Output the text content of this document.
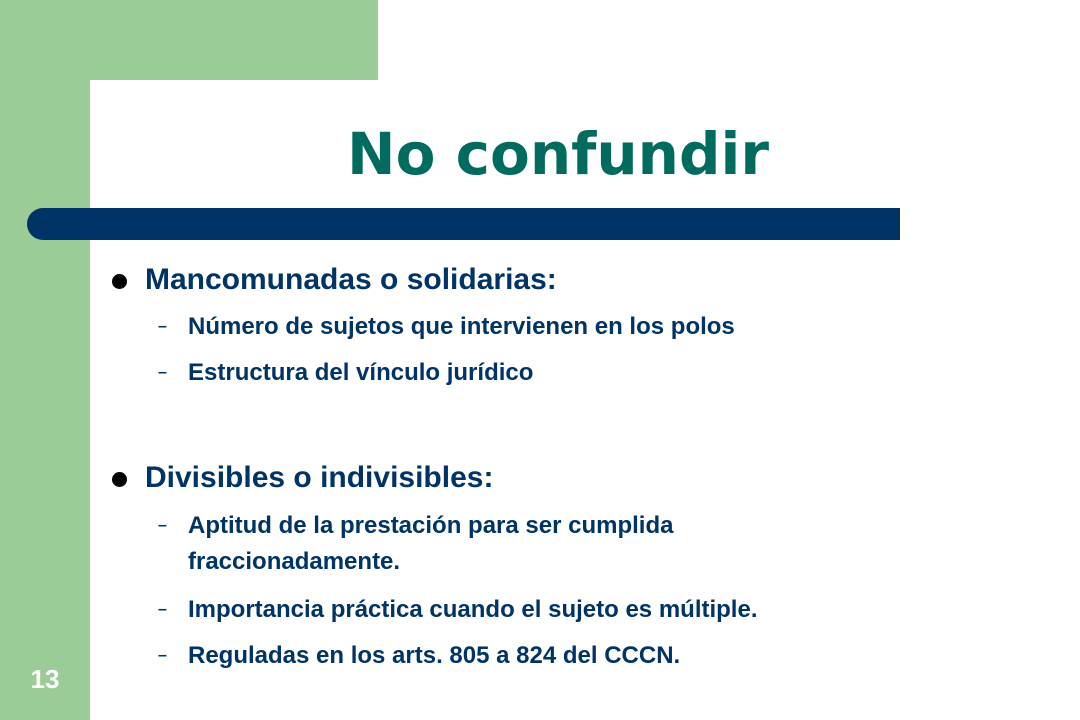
No confundir
Mancomunadas o solidarias:
– Número de sujetos que intervienen en los polos
– Estructura del vínculo jurídico
Divisibles o indivisibles:
– Aptitud de la prestación para ser cumplida fraccionadamente.
– Importancia práctica cuando el sujeto es múltiple.
– Reguladas en los arts. 805 a 824 del CCCN.
13
